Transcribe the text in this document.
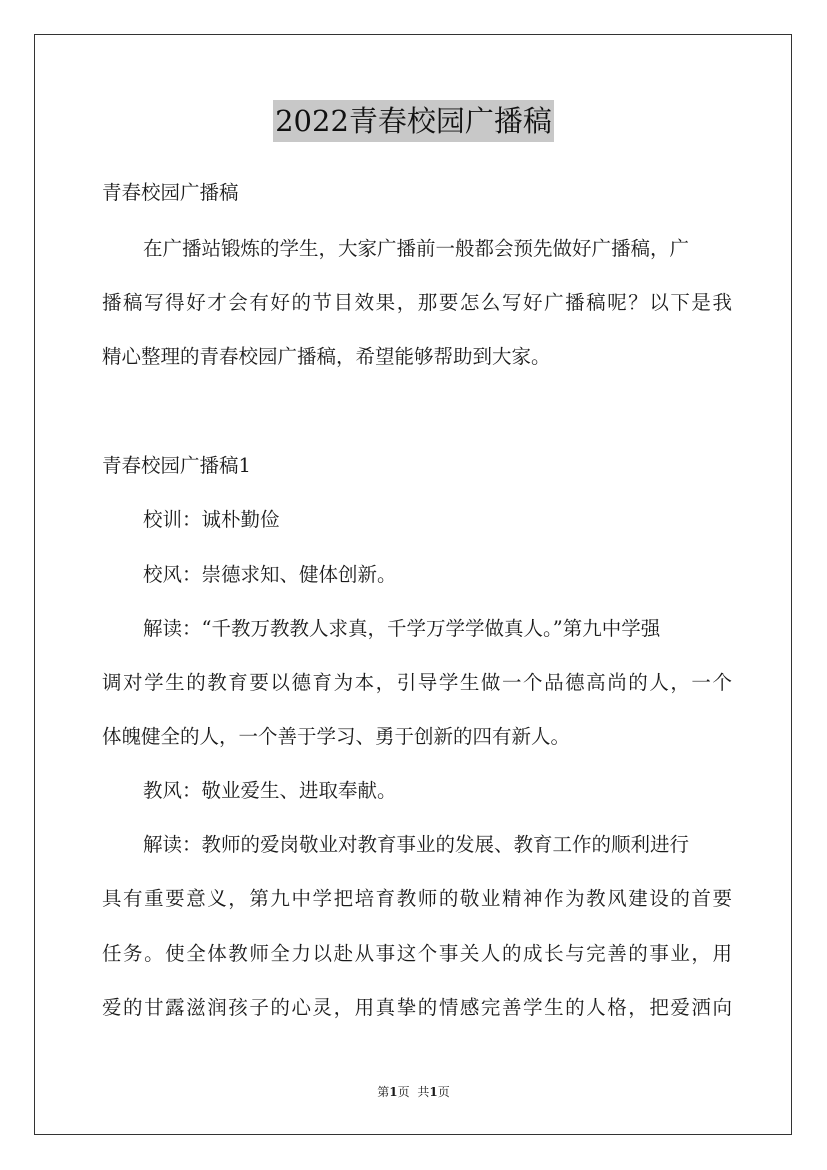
2022青春校园广播稿
青春校园广播稿
在广播站锻炼的学生，大家广播前一般都会预先做好广播稿，广
播稿写得好才会有好的节目效果，那要怎么写好广播稿呢？以下是我
精心整理的青春校园广播稿，希望能够帮助到大家。
青春校园广播稿1
校训：诚朴勤俭
校风：崇德求知、健体创新。
解读：“千教万教教人求真，千学万学学做真人。”第九中学强
调对学生的教育要以德育为本，引导学生做一个品德高尚的人，一个
体魄健全的人，一个善于学习、勇于创新的四有新人。
教风：敬业爱生、进取奉献。
解读：教师的爱岗敬业对教育事业的发展、教育工作的顺利进行
具有重要意义，第九中学把培育教师的敬业精神作为教风建设的首要
任务。使全体教师全力以赴从事这个事关人的成长与完善的事业，用
爱的甘露滋润孩子的心灵，用真挚的情感完善学生的人格，把爱洒向
第1页 共1页
